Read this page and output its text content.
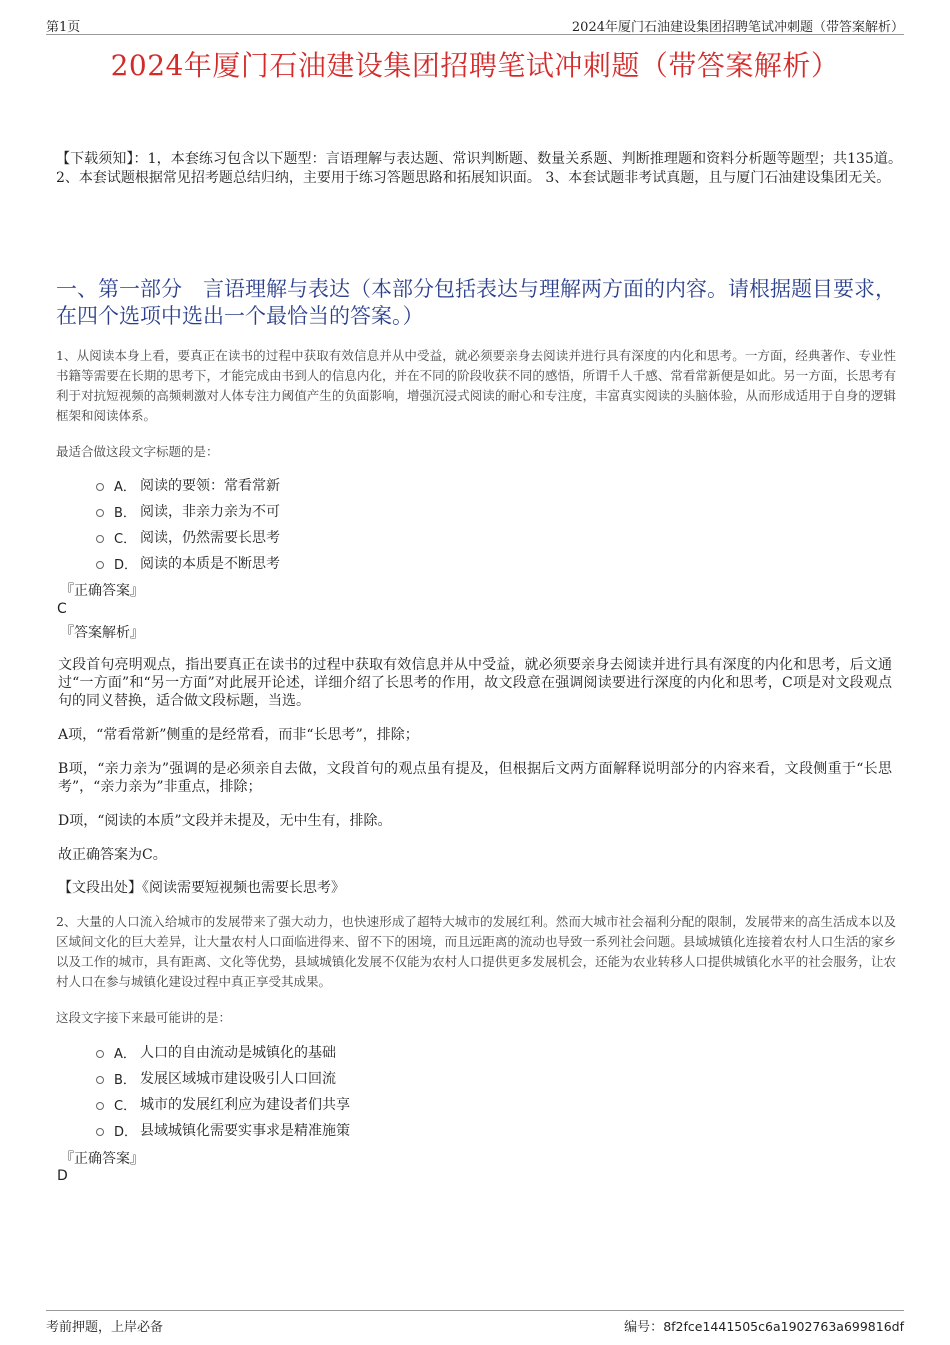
第1页	2024年厦门石油建设集团招聘笔试冲刺题（带答案解析）
2024年厦门石油建设集团招聘笔试冲刺题（带答案解析）
【下载须知】：1，本套练习包含以下题型：言语理解与表达题、常识判断题、数量关系题、判断推理题和资料分析题等题型；共135道。 2、本套试题根据常见招考题总结归纳，主要用于练习答题思路和拓展知识面。 3、本套试题非考试真题，且与厦门石油建设集团无关。
一、第一部分　言语理解与表达（本部分包括表达与理解两方面的内容。请根据题目要求，在四个选项中选出一个最恰当的答案。）
1、从阅读本身上看，要真正在读书的过程中获取有效信息并从中受益，就必须要亲身去阅读并进行具有深度的内化和思考。一方面，经典著作、专业性书籍等需要在长期的思考下，才能完成由书到人的信息内化，并在不同的阶段收获不同的感悟，所谓千人千感、常看常新便是如此。另一方面，长思考有利于对抗短视频的高频刺激对人体专注力阈值产生的负面影响，增强沉浸式阅读的耐心和专注度，丰富真实阅读的头脑体验，从而形成适用于自身的逻辑框架和阅读体系。
最适合做这段文字标题的是：
A． 阅读的要领：常看常新
B． 阅读，非亲力亲为不可
C． 阅读，仍然需要长思考
D． 阅读的本质是不断思考
『正确答案』
C
『答案解析』
文段首句亮明观点，指出要真正在读书的过程中获取有效信息并从中受益，就必须要亲身去阅读并进行具有深度的内化和思考，后文通过“一方面”和“另一方面”对此展开论述，详细介绍了长思考的作用，故文段意在强调阅读要进行深度的内化和思考，C项是对文段观点句的同义替换，适合做文段标题，当选。
A项，“常看常新”侧重的是经常看，而非“长思考”，排除；
B项，“亲力亲为”强调的是必须亲自去做，文段首句的观点虽有提及，但根据后文两方面解释说明部分的内容来看，文段侧重于“长思考”，“亲力亲为”非重点，排除；
D项，“阅读的本质”文段并未提及，无中生有，排除。
故正确答案为C。
【文段出处】《阅读需要短视频也需要长思考》
2、大量的人口流入给城市的发展带来了强大动力，也快速形成了超特大城市的发展红利。然而大城市社会福利分配的限制，发展带来的高生活成本以及区域间文化的巨大差异，让大量农村人口面临进得来、留不下的困境，而且远距离的流动也导致一系列社会问题。县域城镇化连接着农村人口生活的家乡以及工作的城市，具有距离、文化等优势，县域城镇化发展不仅能为农村人口提供更多发展机会，还能为农业转移人口提供城镇化水平的社会服务，让农村人口在参与城镇化建设过程中真正享受其成果。
这段文字接下来最可能讲的是：
A． 人口的自由流动是城镇化的基础
B． 发展区域城市建设吸引人口回流
C． 城市的发展红利应为建设者们共享
D． 县域城镇化需要实事求是精准施策
『正确答案』
D
考前押题，上岸必备	编号：8f2fce1441505c6a1902763a699816df
